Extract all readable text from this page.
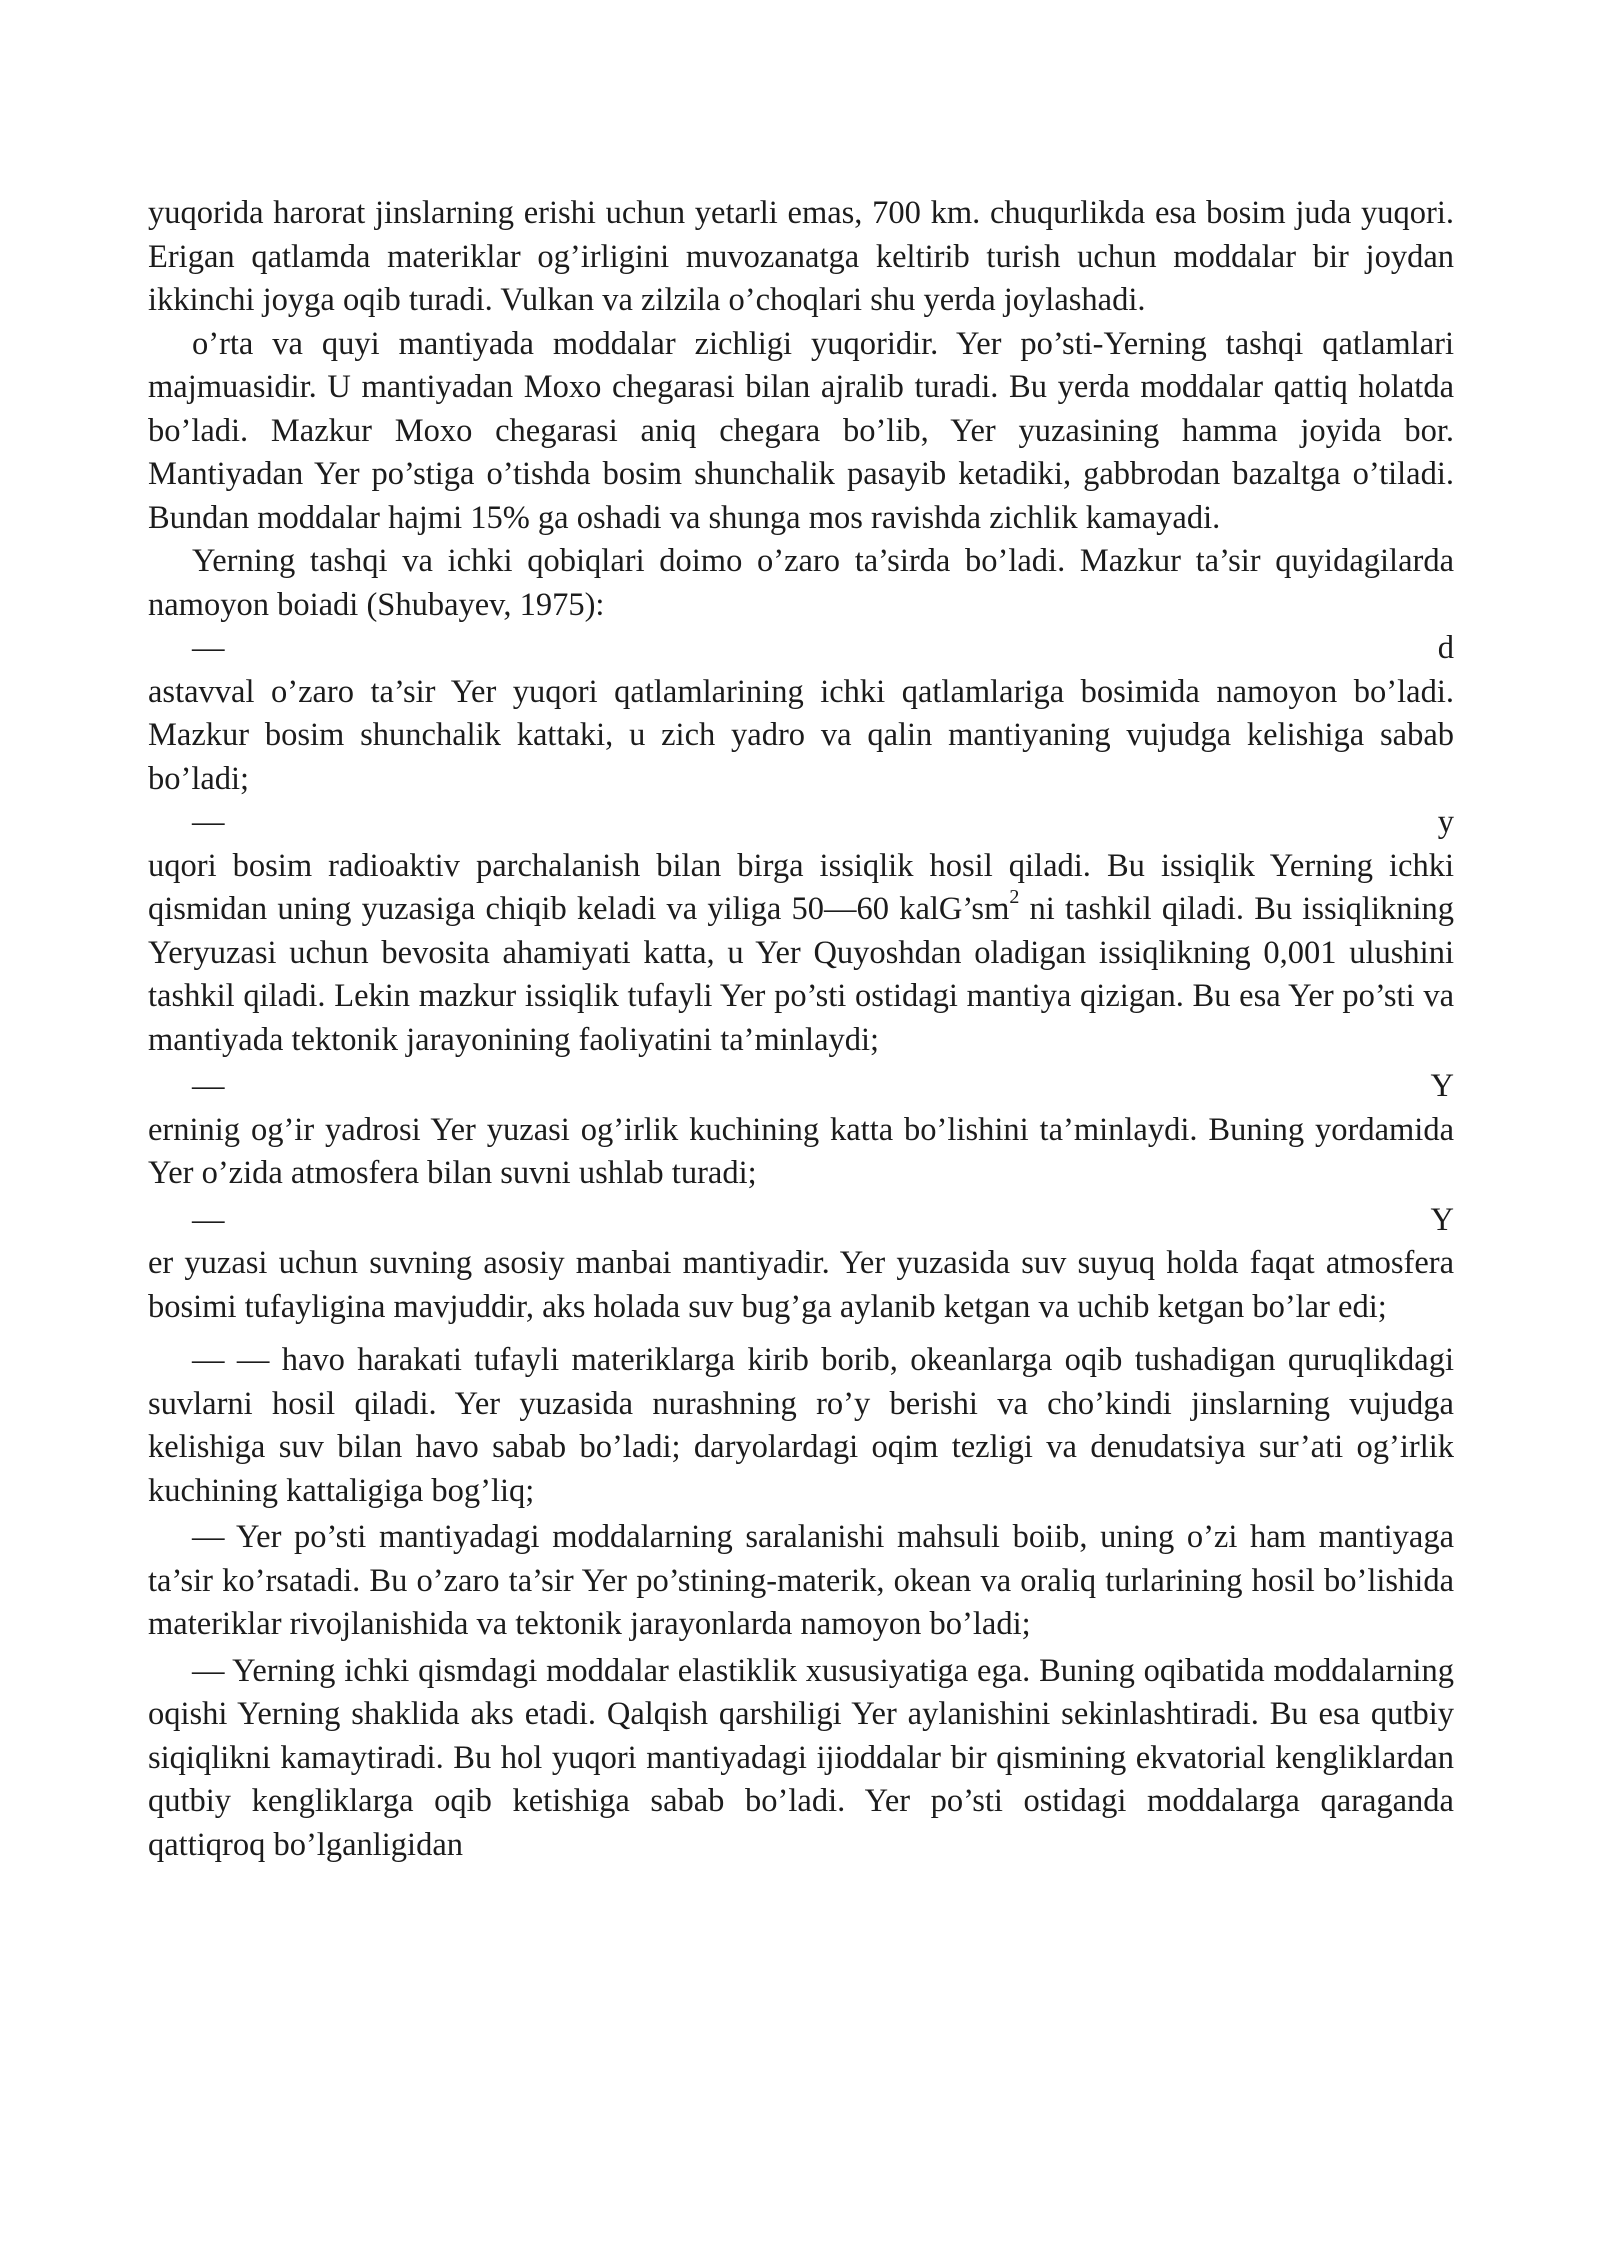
yuqorida harorat jinslarning erishi uchun yetarli emas, 700 km. chuqurlikda esa bosim juda yuqori. Erigan qatlamda materiklar og’irligini muvozanatga keltirib turish uchun moddalar bir joydan ikkinchi joyga oqib turadi. Vulkan va zilzila o’choqlari shu yerda joylashadi.

o’rta va quyi mantiyada moddalar zichligi yuqoridir. Yer po’sti-Yerning tashqi qatlamlari majmuasidir. U mantiyadan Moxo chegarasi bilan ajralib turadi. Bu yerda moddalar qattiq holatda bo’ladi. Mazkur Moxo chegarasi aniq chegara bo’lib, Yer yuzasining hamma joyida bor. Mantiyadan Yer po’stiga o’tishda bosim shunchalik pasayib ketadiki, gabbrodan bazaltga o’tiladi. Bundan moddalar hajmi 15% ga oshadi va shunga mos ravishda zichlik kamayadi.

Yerning tashqi va ichki qobiqlari doimo o’zaro ta’sirda bo’ladi. Mazkur ta’sir quyidagilarda namoyon boiadi (Shubayev, 1975):

—	d

astavval o’zaro ta’sir Yer yuqori qatlamlarining ichki qatlamlariga bosimida namoyon bo’ladi. Mazkur bosim shunchalik kattaki, u zich yadro va qalin mantiyaning vujudga kelishiga sabab bo’ladi;

—	y

uqori bosim radioaktiv parchalanish bilan birga issiqlik hosil qiladi. Bu issiqlik Yerning ichki qismidan uning yuzasiga chiqib keladi va yiliga 50—60 $kalG’sm^2$ ni tashkil qiladi. Bu issiqlikning Yeryuzasi uchun bevosita ahamiyati katta, u Yer Quyoshdan oladigan issiqlikning 0,001 ulushini tashkil qiladi. Lekin mazkur issiqlik tufayli Yer po’sti ostidagi mantiya qizigan. Bu esa Yer po’sti va mantiyada tektonik jarayonining faoliyatini ta’minlaydi;

—	Y

erninig og’ir yadrosi Yer yuzasi og’irlik kuchining katta bo’lishini ta’minlaydi. Buning yordamida Yer o’zida atmosfera bilan suvni ushlab turadi;

—	Y

er yuzasi uchun suvning asosiy manbai mantiyadir. Yer yuzasida suv suyuq holda faqat atmosfera bosimi tufayligina mavjuddir, aks holada suv bug’ga aylanib ketgan va uchib ketgan bo’lar edi;

— — havo harakati tufayli materiklarga kirib borib, okeanlarga oqib tushadigan quruqlikdagi suvlarni hosil qiladi. Yer yuzasida nurashning ro’y berishi va cho’kindi jinslarning vujudga kelishiga suv bilan havo sabab bo’ladi; daryolardagi oqim tezligi va denudatsiya sur’ati og’irlik kuchining kattaligiga bog’liq;

— Yer po’sti mantiyadagi moddalarning saralanishi mahsuli boiib, uning o’zi ham mantiyaga ta’sir ko’rsatadi. Bu o’zaro ta’sir Yer po’stining-materik, okean va oraliq turlarining hosil bo’lishida materiklar rivojlanishida va tektonik jarayonlarda namoyon bo’ladi;

— Yerning ichki qismdagi moddalar elastiklik xususiyatiga ega. Buning oqibatida moddalarning oqishi Yerning shaklida aks etadi. Qalqish qarshiligi Yer aylanishini sekinlashtiradi. Bu esa qutbiy siqiqlikni kamaytiradi. Bu hol yuqori mantiyadagi ijioddalar bir qismining ekvatorial kengliklardan qutbiy kengliklarga oqib ketishiga sabab bo’ladi. Yer po’sti ostidagi moddalarga qaraganda qattiqroq bo’lganligidan
